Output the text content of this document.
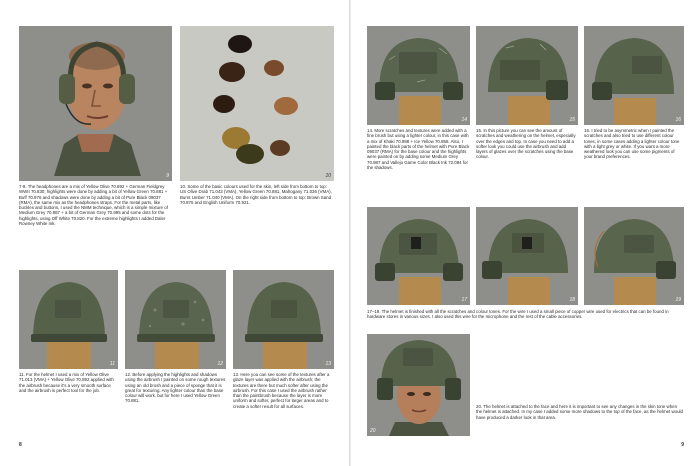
9	10

7-9. The headphones are a mix of Yellow Olive 70.892 + German Fieldgrey WWII 70.830; highlights were done by adding a bit of Yellow Green 70.881 + Buff 70.976 and shadows were done by adding a bit of Pure Black 09037 (RMA), the same mix as the headphones straps. For the metal parts, like buckles and buttons, I used the NMM technique, which is a simple mixture of Medium Grey 70.987 + a bit of German Grey 70.995 and some dots for the highlights, using Off White 70.820. For the extreme highlights I added Daler Rowney White Ink.

10. Some of the basic colours used for the skin, left side from bottom to top: US Olive Drab 71.043 (VMA), Yellow Green 70.881, Mahogany 71.036 (VMA), Burnt Umber 71.040 (VMA). On the right side from bottom to top: Brown Sand 70.876 and English Uniform 70.921.

11	12	13

11. For the helmet I used a mix of Yellow Olive 71.013 (VMA) + Yellow Olive 70.892 applied with the airbrush because it's a very smooth surface and the airbrush is perfect tool for the job.

12. Before applying the highlights and shadows using the airbrush I painted on some rough textures using an old brush and a piece of sponge that it is great for texturing. Any lighter colour than the base colour will work, but for here I used Yellow Green 70.881.

13. Here you can see some of the textures after a glaze layer was applied with the airbrush; the textures are there but much softer after using the airbrush. For this case I used the airbrush rather than the paintbrush because the layer is more uniform and softer, perfect for larger areas and to create a softer result for all surfaces.

8
14	15	16

14. More scratches and textures were added with a fine brush but using a lighter colour, in this case with a mix of Khaki 70.988 + Ice Yellow 70.858. Also, I painted the black parts of the helmet with Pure Black 09037 (RMA) for the base colour and the highlights were painted on by adding some Medium Grey 70.987 and Vallejo Game Color Black Ink 72.094 for the shadows.

15. In this picture you can see the amount of scratches and weathering on the helmet, especially over the edges and top. In case you need to add a softer look you could use the airbrush and add layers of glazes over the scratches using the base colour.

16. I tried to be asymmetric when I painted the scratches and also tried to use different colour tones, in some cases adding a lighter colour tone with a light grey or white. If you want a more weathered look you can use some pigments of your brand preferences.

17	18	19

17–19. The helmet is finished with all the scratches and colour tones. For the wire I used a small piece of copper wire used for electrics that can be found in hardware stores in various sizes. I also used this wire for the microphone and the rest of the cable accessories.

20

20. The helmet is attached to the face and here it is important to see any changes in the skin tone when the helmet is attached. In my case I added some more shadows to the top of the face, as the helmet would have produced a darker look in that area.

9
